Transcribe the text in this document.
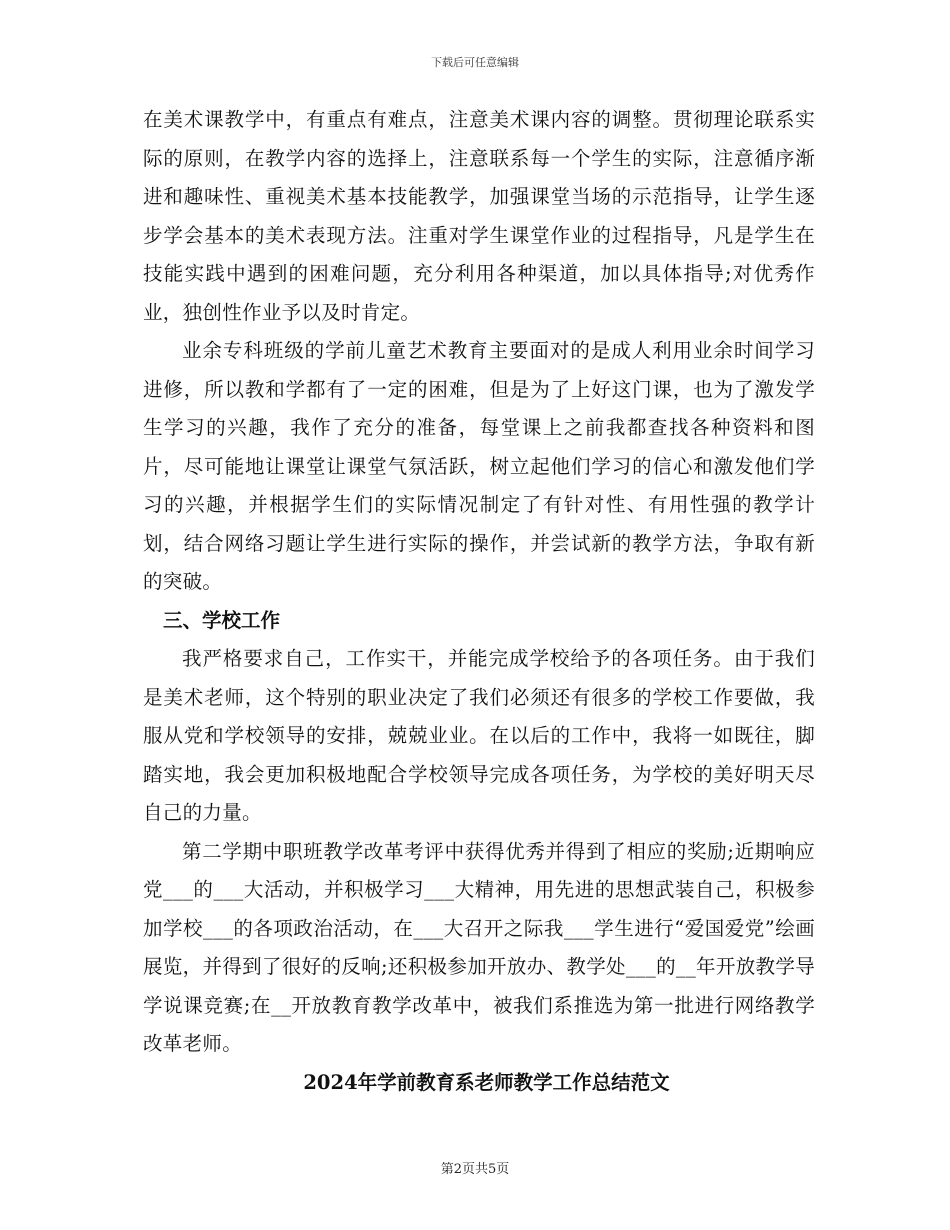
下载后可任意编辑

在美术课教学中，有重点有难点，注意美术课内容的调整。贯彻理论联系实际的原则，在教学内容的选择上，注意联系每一个学生的实际，注意循序渐进和趣味性、重视美术基本技能教学，加强课堂当场的示范指导，让学生逐步学会基本的美术表现方法。注重对学生课堂作业的过程指导，凡是学生在技能实践中遇到的困难问题，充分利用各种渠道，加以具体指导;对优秀作业，独创性作业予以及时肯定。

业余专科班级的学前儿童艺术教育主要面对的是成人利用业余时间学习进修，所以教和学都有了一定的困难，但是为了上好这门课，也为了激发学生学习的兴趣，我作了充分的准备，每堂课上之前我都查找各种资料和图片，尽可能地让课堂让课堂气氛活跃，树立起他们学习的信心和激发他们学习的兴趣，并根据学生们的实际情况制定了有针对性、有用性强的教学计划，结合网络习题让学生进行实际的操作，并尝试新的教学方法，争取有新的突破。

三、学校工作

我严格要求自己，工作实干，并能完成学校给予的各项任务。由于我们是美术老师，这个特别的职业决定了我们必须还有很多的学校工作要做，我服从党和学校领导的安排，兢兢业业。在以后的工作中，我将一如既往，脚踏实地，我会更加积极地配合学校领导完成各项任务，为学校的美好明天尽自己的力量。

第二学期中职班教学改革考评中获得优秀并得到了相应的奖励;近期响应党___的___大活动，并积极学习___大精神，用先进的思想武装自己，积极参加学校___的各项政治活动，在___大召开之际我___学生进行“爱国爱党”绘画展览，并得到了很好的反响;还积极参加开放办、教学处___的__年开放教学导学说课竞赛;在__开放教育教学改革中，被我们系推选为第一批进行网络教学改革老师。

2024年学前教育系老师教学工作总结范文

第2页共5页
